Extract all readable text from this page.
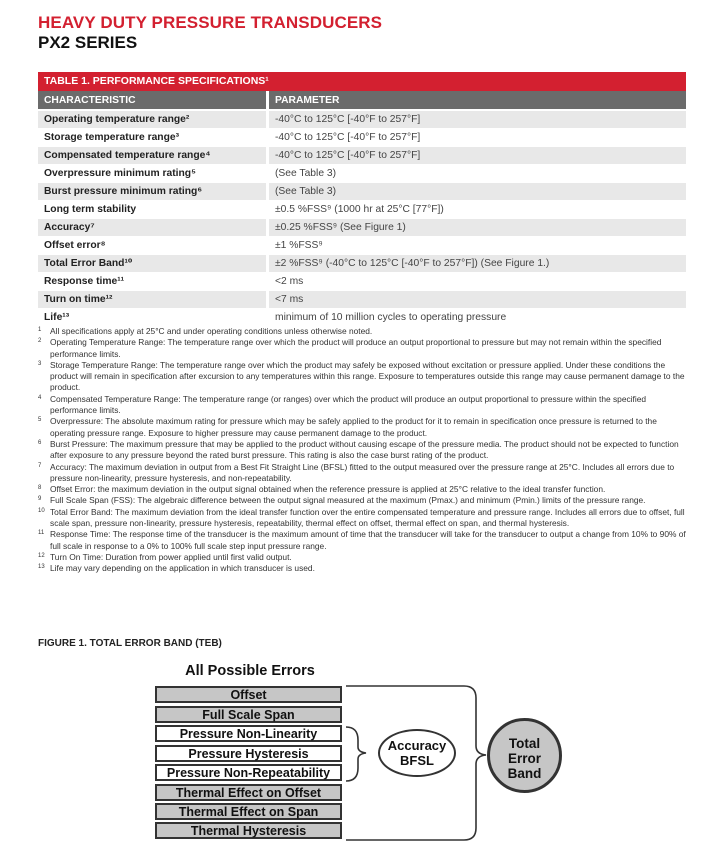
HEAVY DUTY PRESSURE TRANSDUCERS
PX2 SERIES
TABLE 1. PERFORMANCE SPECIFICATIONS¹	
CHARACTERISTIC	PARAMETER
Operating temperature range²	-40°C to 125°C [-40°F to 257°F]
Storage temperature range³	-40°C to 125°C [-40°F to 257°F]
Compensated temperature range⁴	-40°C to 125°C [-40°F to 257°F]
Overpressure minimum rating⁵	(See Table 3)
Burst pressure minimum rating⁶	(See Table 3)
Long term stability	±0.5 %FSS⁹ (1000 hr at 25°C [77°F])
Accuracy⁷	±0.25 %FSS⁹ (See Figure 1)
Offset error⁸	±1 %FSS⁹
Total Error Band¹⁰	±2 %FSS⁹ (-40°C to 125°C [-40°F to 257°F]) (See Figure 1.)
Response time¹¹	<2 ms
Turn on time¹²	<7 ms
Life¹³	minimum of 10 million cycles to operating pressure
1	All specifications apply at 25°C and under operating conditions unless otherwise noted.
2	Operating Temperature Range: The temperature range over which the product will produce an output proportional to pressure but may not remain within the specified performance limits.
3	Storage Temperature Range: The temperature range over which the product may safely be exposed without excitation or pressure applied. Under these conditions the product will remain in specification after excursion to any temperatures within this range. Exposure to temperatures outside this range may cause permanent damage to the product.
4	Compensated Temperature Range: The temperature range (or ranges) over which the product will produce an output proportional to pressure within the specified performance limits.
5	Overpressure: The absolute maximum rating for pressure which may be safely applied to the product for it to remain in specification once pressure is returned to the operating pressure range. Exposure to higher pressure may cause permanent damage to the product.
6	Burst Pressure: The maximum pressure that may be applied to the product without causing escape of the pressure media. The product should not be expected to function after exposure to any pressure beyond the rated burst pressure. This rating is also the case burst rating of the product.
7	Accuracy: The maximum deviation in output from a Best Fit Straight Line (BFSL) fitted to the output measured over the pressure range at 25°C. Includes all errors due to pressure non-linearity, pressure hysteresis, and non-repeatability.
8	Offset Error: the maximum deviation in the output signal obtained when the reference pressure is applied at 25°C relative to the ideal transfer function.
9	Full Scale Span (FSS): The algebraic difference between the output signal measured at the maximum (Pmax.) and minimum (Pmin.) limits of the pressure range.
10 Total Error Band: The maximum deviation from the ideal transfer function over the entire compensated temperature and pressure range. Includes all errors due to offset, full scale span, pressure non-linearity, pressure hysteresis, repeatability, thermal effect on offset, thermal effect on span, and thermal hysteresis.
11 Response Time: The response time of the transducer is the maximum amount of time that the transducer will take for the transducer to output a change from 10% to 90% of full scale in response to a 0% to 100% full scale step input pressure range.
12 Turn On Time: Duration from power applied until first valid output.
13 Life may vary depending on the application in which transducer is used.
FIGURE 1. TOTAL ERROR BAND (TEB)
All Possible Errors
Offset
Full Scale Span
Pressure Non-Linearity
Pressure Hysteresis
Pressure Non-Repeatability
Thermal Effect on Offset
Thermal Effect on Span
Thermal Hysteresis
Accuracy
BFSL
Total
Error
Band
